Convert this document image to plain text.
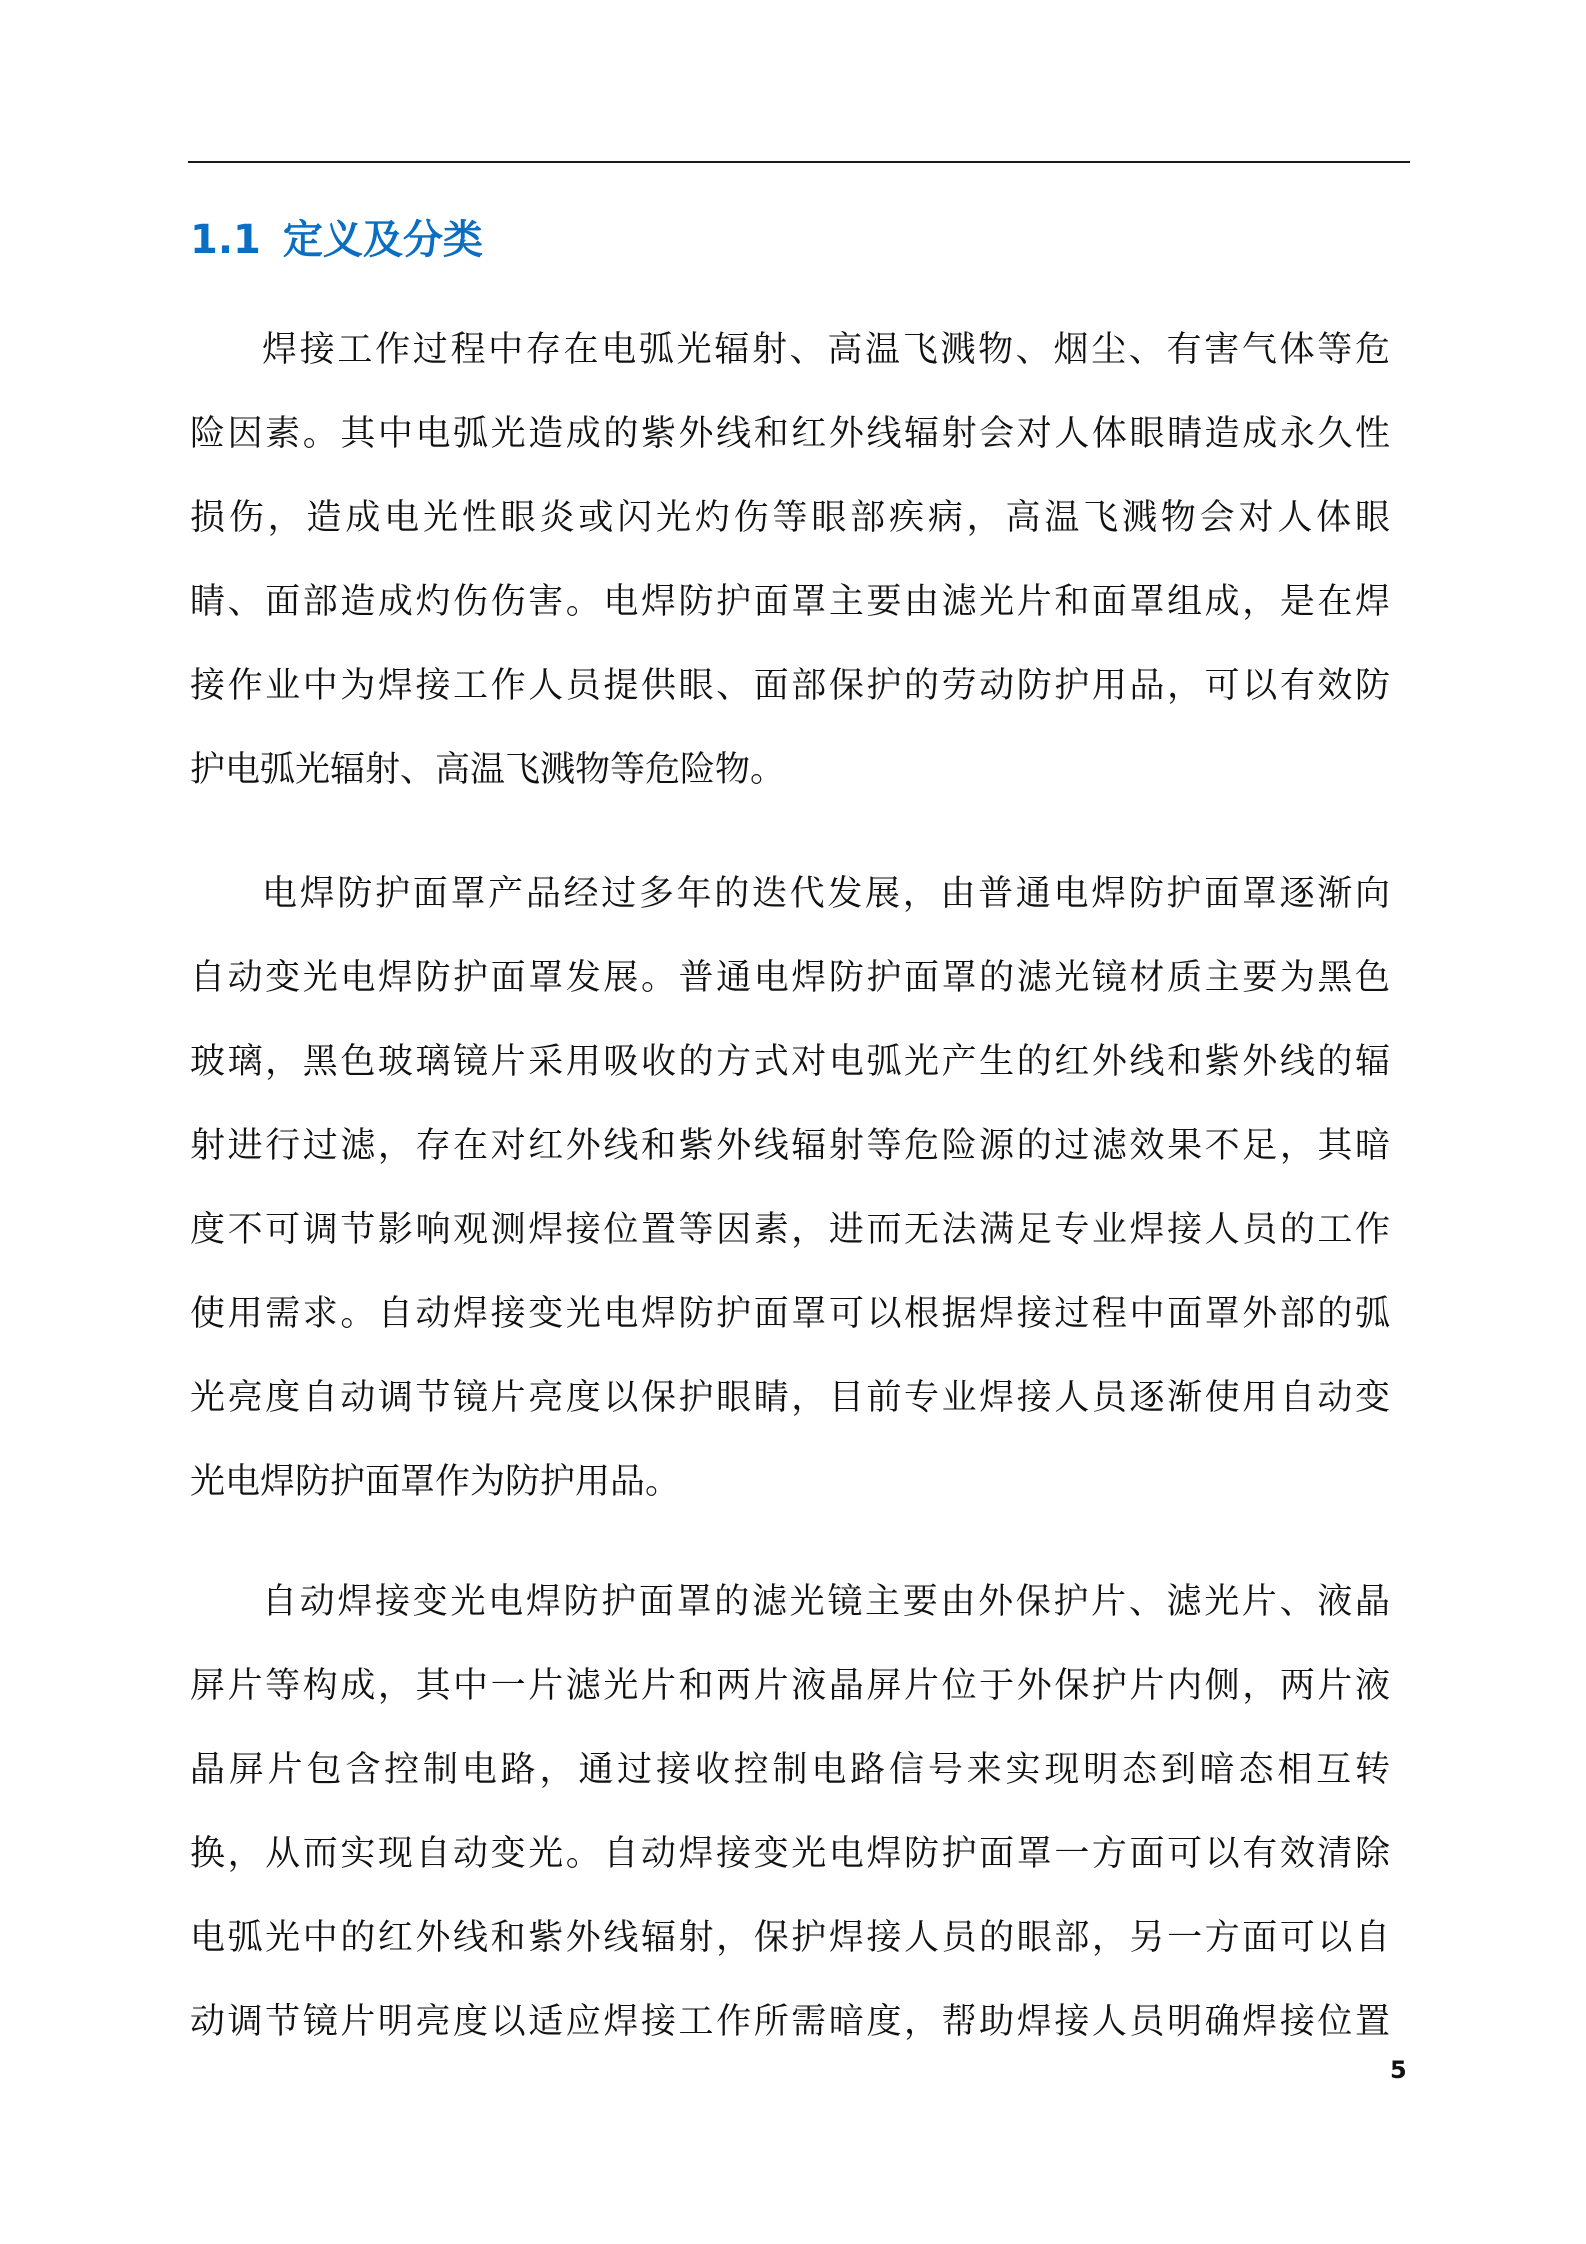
1.1 定义及分类

焊接工作过程中存在电弧光辐射、高温飞溅物、烟尘、有害气体等危
险因素。其中电弧光造成的紫外线和红外线辐射会对人体眼睛造成永久性
损伤，造成电光性眼炎或闪光灼伤等眼部疾病，高温飞溅物会对人体眼
睛、面部造成灼伤伤害。电焊防护面罩主要由滤光片和面罩组成，是在焊
接作业中为焊接工作人员提供眼、面部保护的劳动防护用品，可以有效防
护电弧光辐射、高温飞溅物等危险物。

电焊防护面罩产品经过多年的迭代发展，由普通电焊防护面罩逐渐向
自动变光电焊防护面罩发展。普通电焊防护面罩的滤光镜材质主要为黑色
玻璃，黑色玻璃镜片采用吸收的方式对电弧光产生的红外线和紫外线的辐
射进行过滤，存在对红外线和紫外线辐射等危险源的过滤效果不足，其暗
度不可调节影响观测焊接位置等因素，进而无法满足专业焊接人员的工作
使用需求。自动焊接变光电焊防护面罩可以根据焊接过程中面罩外部的弧
光亮度自动调节镜片亮度以保护眼睛，目前专业焊接人员逐渐使用自动变
光电焊防护面罩作为防护用品。

自动焊接变光电焊防护面罩的滤光镜主要由外保护片、滤光片、液晶
屏片等构成，其中一片滤光片和两片液晶屏片位于外保护片内侧，两片液
晶屏片包含控制电路，通过接收控制电路信号来实现明态到暗态相互转
换，从而实现自动变光。自动焊接变光电焊防护面罩一方面可以有效清除
电弧光中的红外线和紫外线辐射，保护焊接人员的眼部，另一方面可以自
动调节镜片明亮度以适应焊接工作所需暗度，帮助焊接人员明确焊接位置

5
